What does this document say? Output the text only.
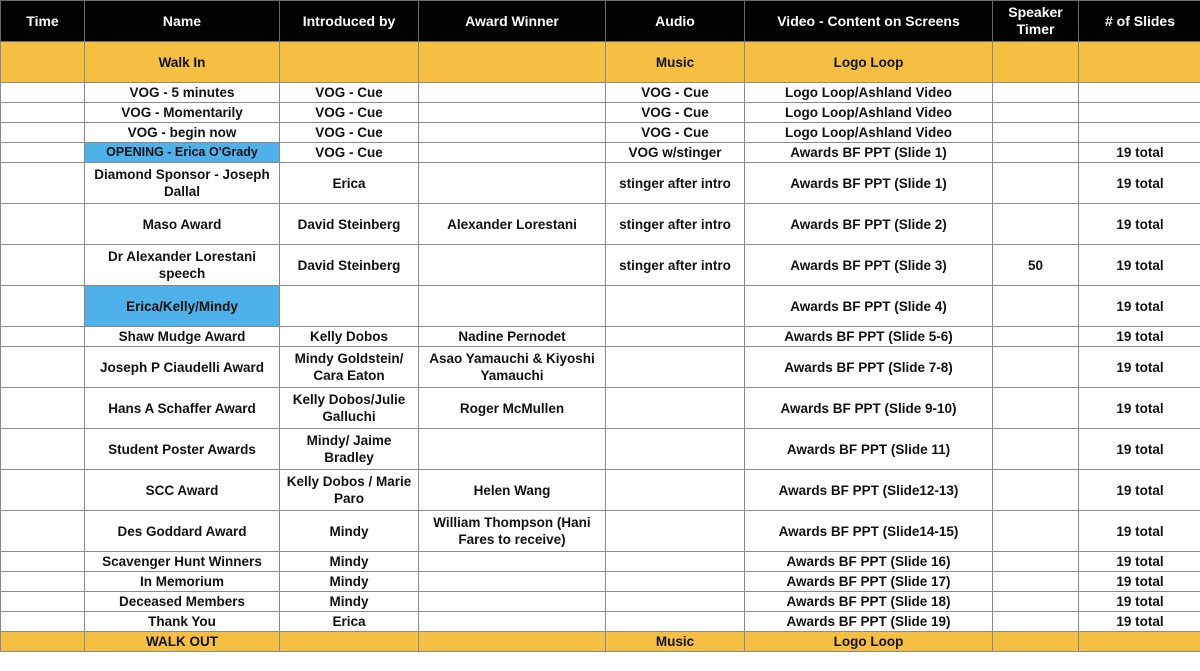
Time	Name	Introduced by	Award Winner	Audio	Video - Content on Screens	Speaker Timer	# of Slides
	Walk In			Music	Logo Loop		
	VOG - 5 minutes	VOG - Cue		VOG - Cue	Logo Loop/Ashland Video		
	VOG - Momentarily	VOG - Cue		VOG - Cue	Logo Loop/Ashland Video		
	VOG - begin now	VOG - Cue		VOG - Cue	Logo Loop/Ashland Video		
	OPENING - Erica O'Grady	VOG - Cue		VOG w/stinger	Awards BF PPT (Slide 1)		19 total
	Diamond Sponsor - Joseph Dallal	Erica		stinger after intro	Awards BF PPT (Slide 1)		19 total
	Maso Award	David Steinberg	Alexander Lorestani	stinger after intro	Awards BF PPT (Slide 2)		19 total
	Dr Alexander Lorestani speech	David Steinberg		stinger after intro	Awards BF PPT (Slide 3)	50	19 total
	Erica/Kelly/Mindy				Awards BF PPT (Slide 4)		19 total
	Shaw Mudge Award	Kelly Dobos	Nadine Pernodet		Awards BF PPT (Slide 5-6)		19 total
	Joseph P Ciaudelli Award	Mindy Goldstein/ Cara Eaton	Asao Yamauchi & Kiyoshi Yamauchi		Awards BF PPT (Slide 7-8)		19 total
	Hans A Schaffer Award	Kelly Dobos/Julie Galluchi	Roger McMullen		Awards BF PPT (Slide 9-10)		19 total
	Student Poster Awards	Mindy/ Jaime Bradley			Awards BF PPT (Slide 11)		19 total
	SCC Award	Kelly Dobos / Marie Paro	Helen Wang		Awards BF PPT (Slide12-13)		19 total
	Des Goddard Award	Mindy	William Thompson (Hani Fares to receive)		Awards BF PPT (Slide14-15)		19 total
	Scavenger Hunt Winners	Mindy			Awards BF PPT (Slide 16)		19 total
	In Memorium	Mindy			Awards BF PPT (Slide 17)		19 total
	Deceased Members	Mindy			Awards BF PPT (Slide 18)		19 total
	Thank You	Erica			Awards BF PPT (Slide 19)		19 total
	WALK OUT			Music	Logo Loop		
